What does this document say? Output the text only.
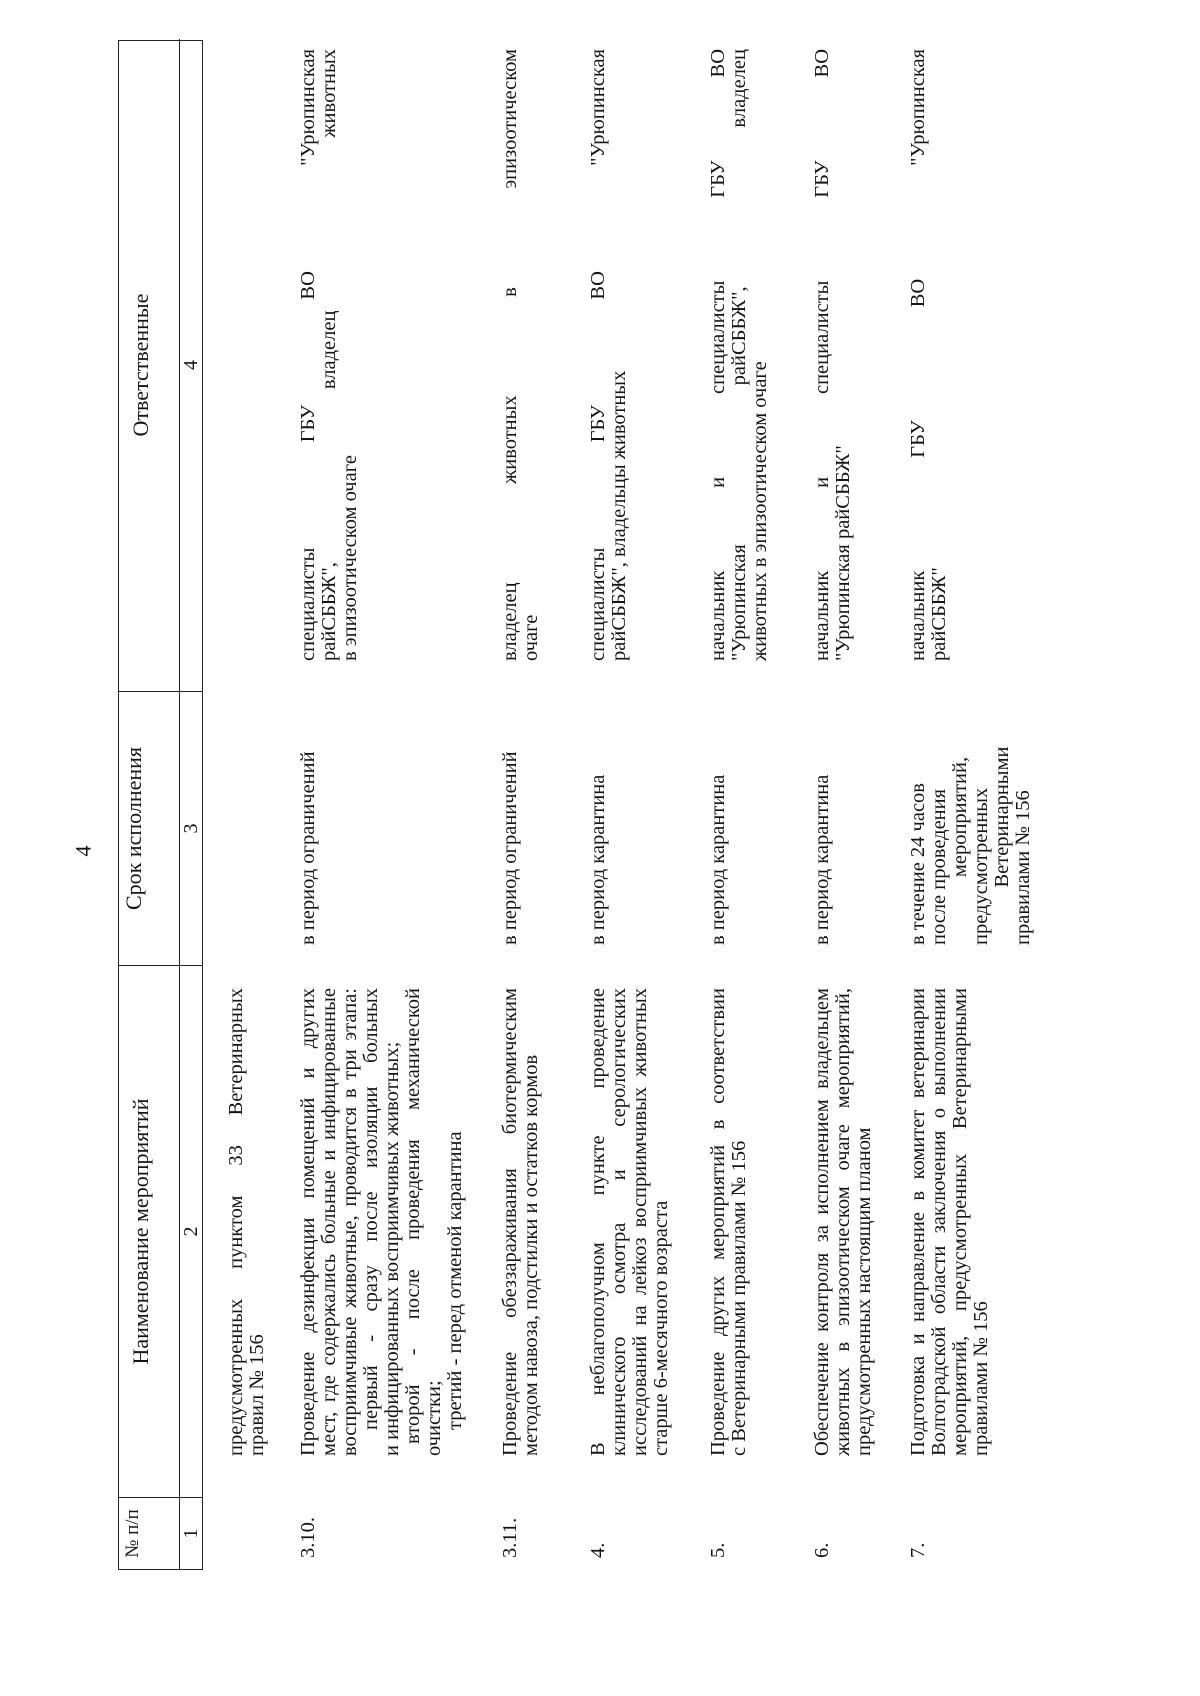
4
№ п/п 1
Наименование мероприятий 2
Срок исполнения 3
Ответственные 4
предусмотренных пунктом 33 Ветеринарных правил № 156
3.10.
Проведение дезинфекции помещений и других мест, где содержались больные и инфицированные восприимчивые животные, проводится в три этапа: первый - сразу после изоляции больных и инфицированных восприимчивых животных; второй - после проведения механической очистки; третий - перед отменой карантина
в период ограничений
специалисты ГБУ ВО "Урюпинская райСББЖ", владелец животных в эпизоотическом очаге
3.11.
Проведение обеззараживания биотермическим методом навоза, подстилки и остатков кормов
в период ограничений
владелец животных в эпизоотическом очаге
4.
В неблагополучном пункте проведение клинического осмотра и серологических исследований на лейкоз восприимчивых животных старше 6-месячного возраста
в период карантина
специалисты ГБУ ВО "Урюпинская райСББЖ", владельцы животных
5.
Проведение других мероприятий в соответствии с Ветеринарными правилами № 156
в период карантина
начальник и специалисты ГБУ ВО "Урюпинская райСББЖ", владелец животных в эпизоотическом очаге
6.
Обеспечение контроля за исполнением владельцем животных в эпизоотическом очаге мероприятий, предусмотренных настоящим планом
в период карантина
начальник и специалисты ГБУ ВО "Урюпинская райСББЖ"
7.
Подготовка и направление в комитет ветеринарии Волгоградской области заключения о выполнении мероприятий, предусмотренных Ветеринарными правилами № 156
в течение 24 часов после проведения мероприятий, предусмотренных Ветеринарными правилами № 156
начальник ГБУ ВО "Урюпинская райСББЖ"
